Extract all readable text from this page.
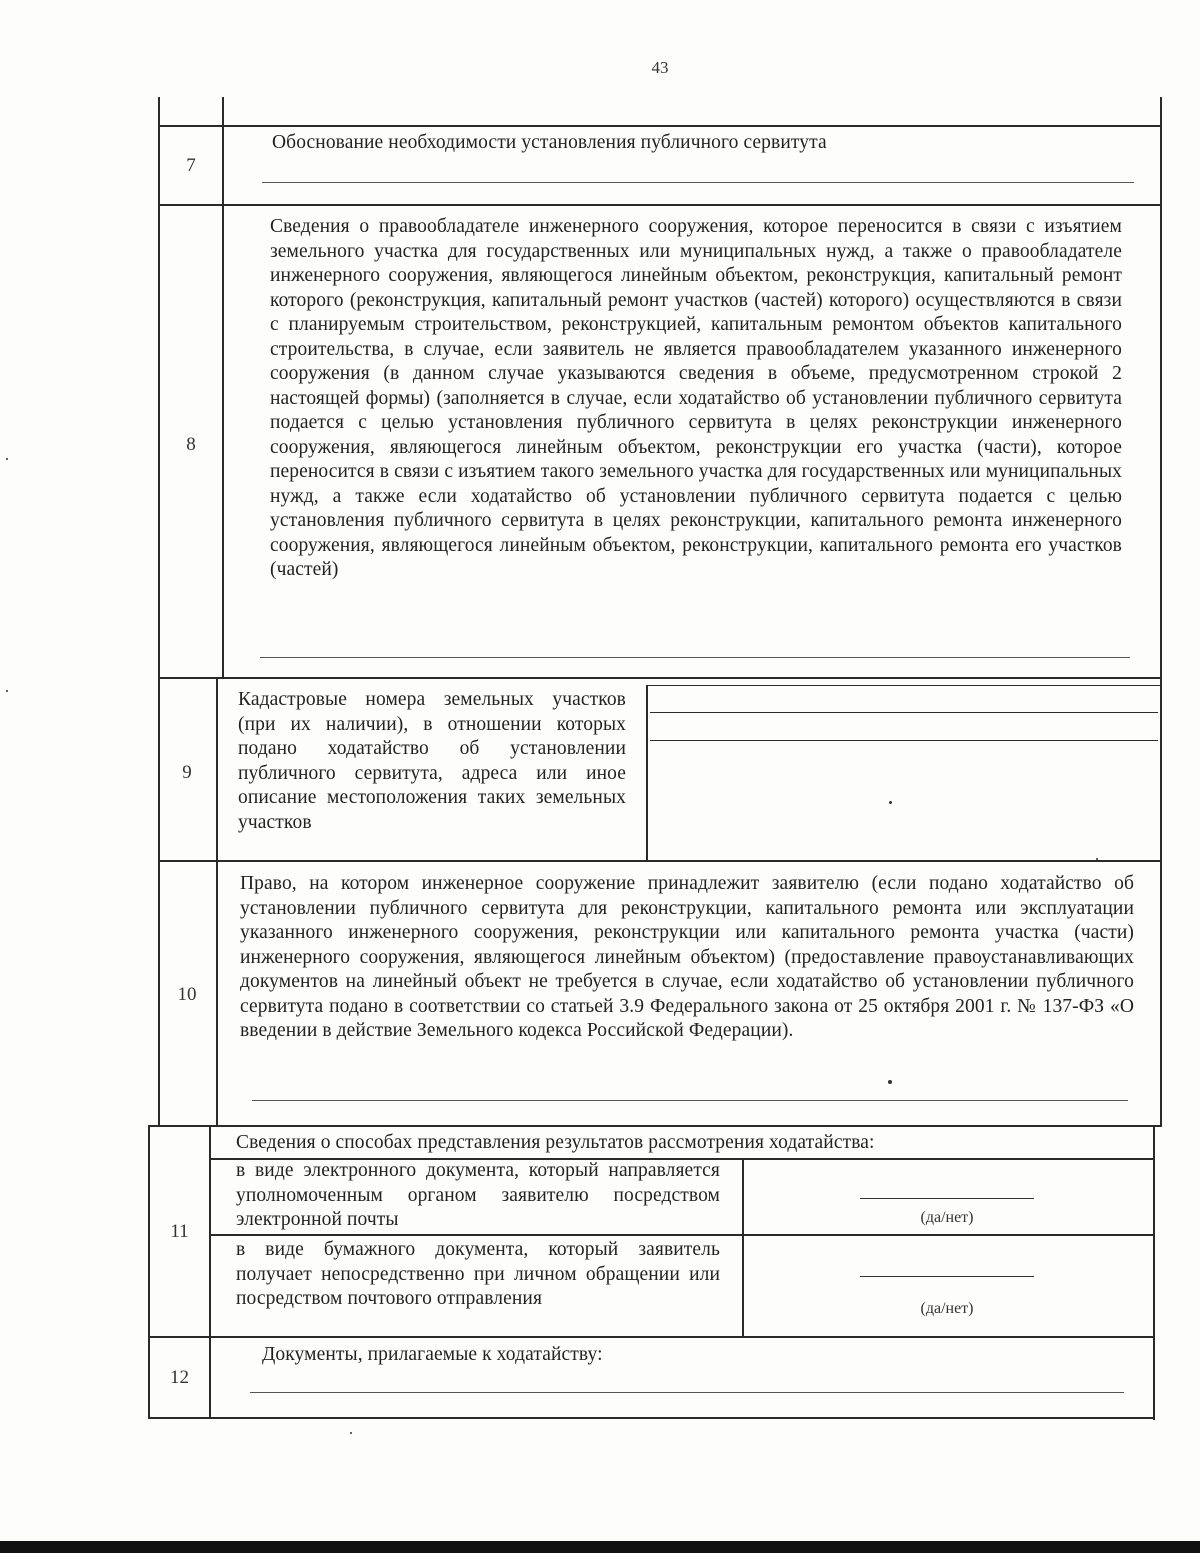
43
7
8
9
10
11
12
Обоснование необходимости установления публичного сервитута
Сведения о правообладателе инженерного сооружения, которое переносится в связи с изъятием земельного участка для государственных или муниципальных нужд, а также о правообладателе инженерного сооружения, являющегося линейным объектом, реконструкция, капитальный ремонт которого (реконструкция, капитальный ремонт участков (частей) которого) осуществляются в связи с планируемым строительством, реконструкцией, капитальным ремонтом объектов капитального строительства, в случае, если заявитель не является правообладателем указанного инженерного сооружения (в данном случае указываются сведения в объеме, предусмотренном строкой 2 настоящей формы) (заполняется в случае, если ходатайство об установлении публичного сервитута подается с целью установления публичного сервитута в целях реконструкции инженерного сооружения, являющегося линейным объектом, реконструкции его участка (части), которое переносится в связи с изъятием такого земельного участка для государственных или муниципальных нужд, а также если ходатайство об установлении публичного сервитута подается с целью установления публичного сервитута в целях реконструкции, капитального ремонта инженерного сооружения, являющегося линейным объектом, реконструкции, капитального ремонта его участков (частей)
Кадастровые номера земельных участков (при их наличии), в отношении которых подано ходатайство об установлении публичного сервитута, адреса или иное описание местоположения таких земельных участков
Право, на котором инженерное сооружение принадлежит заявителю (если подано ходатайство об установлении публичного сервитута для реконструкции, капитального ремонта или эксплуатации указанного инженерного сооружения, реконструкции или капитального ремонта участка (части) инженерного сооружения, являющегося линейным объектом) (предоставление правоустанавливающих документов на линейный объект не требуется в случае, если ходатайство об установлении публичного сервитута подано в соответствии со статьей 3.9 Федерального закона от 25 октября 2001 г. № 137-ФЗ «О введении в действие Земельного кодекса Российской Федерации).
Сведения о способах представления результатов рассмотрения ходатайства:
в виде электронного документа, который направляется уполномоченным органом заявителю посредством электронной почты	(да/нет)
в виде бумажного документа, который заявитель получает непосредственно при личном обращении или посредством почтового отправления	(да/нет)
Документы, прилагаемые к ходатайству:
